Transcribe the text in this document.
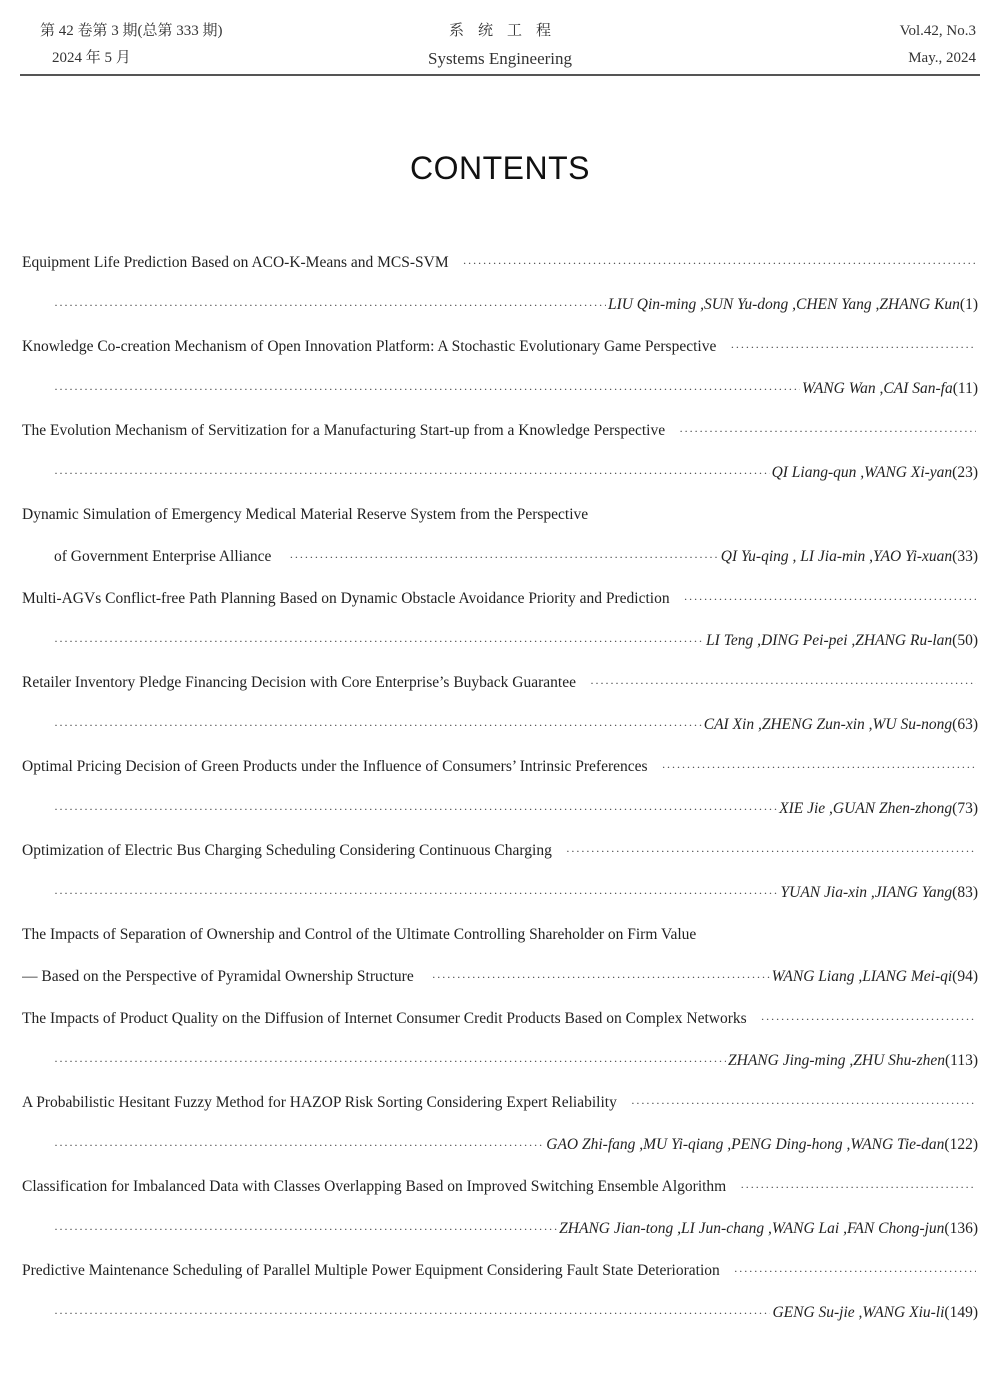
第 42 卷第 3 期(总第 333 期)
2024 年 5 月
系统工程
Systems Engineering
Vol.42, No.3
May., 2024
CONTENTS
Equipment Life Prediction Based on ACO-K-Means and MCS-SVM
·····
·····
LIU Qin-ming ,SUN Yu-dong ,CHEN Yang ,ZHANG Kun (1)
Knowledge Co-creation Mechanism of Open Innovation Platform: A Stochastic Evolutionary Game Perspective
·····
·····
WANG Wan ,CAI San-fa (11)
The Evolution Mechanism of Servitization for a Manufacturing Start-up from a Knowledge Perspective
·····
·····
QI Liang-qun ,WANG Xi-yan (23)
Dynamic Simulation of Emergency Medical Material Reserve System from the Perspective
of Government Enterprise Alliance ·····	QI Yu-qing , LI Jia-min ,YAO Yi-xuan (33)
Multi-AGVs Conflict-free Path Planning Based on Dynamic Obstacle Avoidance Priority and Prediction
·····
·····
LI Teng ,DING Pei-pei ,ZHANG Ru-lan (50)
Retailer Inventory Pledge Financing Decision with Core Enterprise’s Buyback Guarantee
·····
·····
CAI Xin ,ZHENG Zun-xin ,WU Su-nong (63)
Optimal Pricing Decision of Green Products under the Influence of Consumers’ Intrinsic Preferences
·····
·····
XIE Jie ,GUAN Zhen-zhong (73)
Optimization of Electric Bus Charging Scheduling Considering Continuous Charging
·····
·····
YUAN Jia-xin ,JIANG Yang (83)
The Impacts of Separation of Ownership and Control of the Ultimate Controlling Shareholder on Firm Value
— Based on the Perspective of Pyramidal Ownership Structure ·····	WANG Liang ,LIANG Mei-qi (94)
The Impacts of Product Quality on the Diffusion of Internet Consumer Credit Products Based on Complex Networks
·····
·····
ZHANG Jing-ming ,ZHU Shu-zhen (113)
A Probabilistic Hesitant Fuzzy Method for HAZOP Risk Sorting Considering Expert Reliability
·····
·····
GAO Zhi-fang ,MU Yi-qiang ,PENG Ding-hong ,WANG Tie-dan (122)
Classification for Imbalanced Data with Classes Overlapping Based on Improved Switching Ensemble Algorithm
·····
·····
ZHANG Jian-tong ,LI Jun-chang ,WANG Lai ,FAN Chong-jun (136)
Predictive Maintenance Scheduling of Parallel Multiple Power Equipment Considering Fault State Deterioration
·····
·····
GENG Su-jie ,WANG Xiu-li (149)
